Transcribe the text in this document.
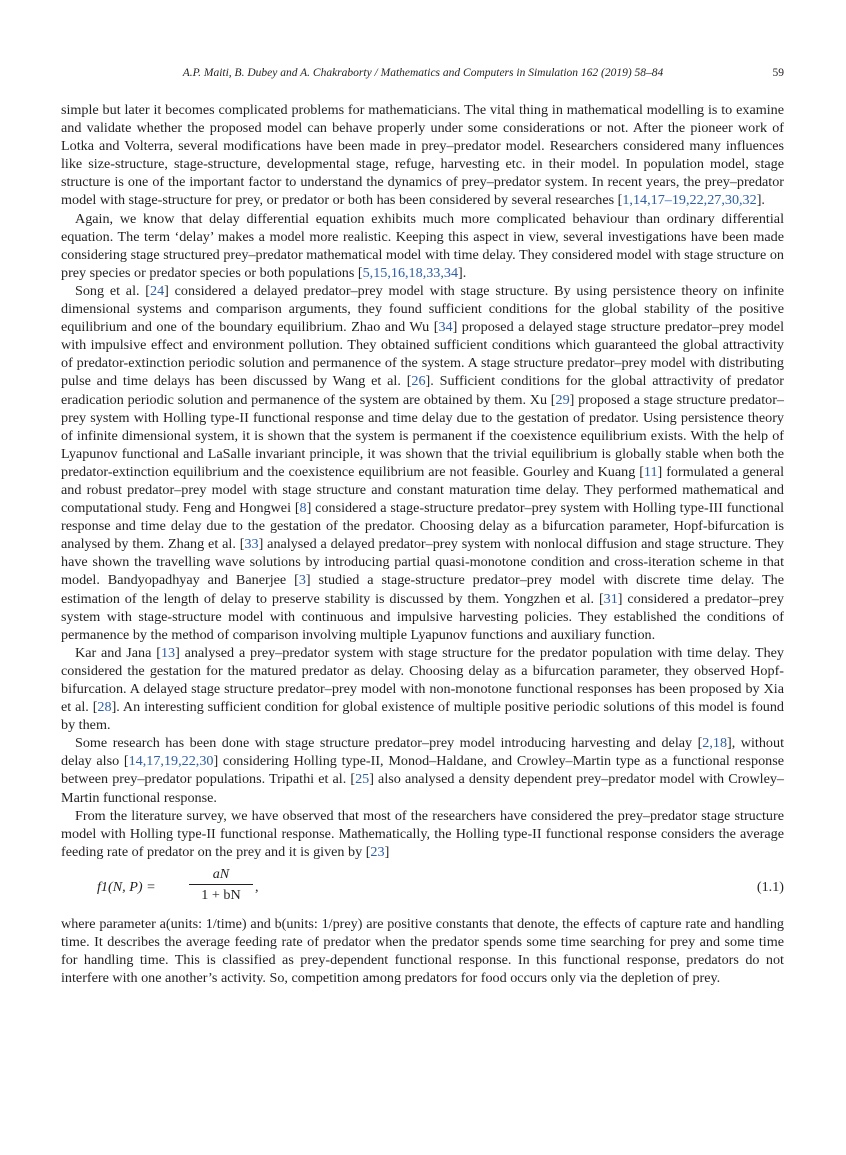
A.P. Maiti, B. Dubey and A. Chakraborty / Mathematics and Computers in Simulation 162 (2019) 58–84	59

simple but later it becomes complicated problems for mathematicians. The vital thing in mathematical modelling is to examine and validate whether the proposed model can behave properly under some considerations or not. After the pioneer work of Lotka and Volterra, several modifications have been made in prey–predator model. Researchers considered many influences like size-structure, stage-structure, developmental stage, refuge, harvesting etc. in their model. In population model, stage structure is one of the important factor to understand the dynamics of prey–predator system. In recent years, the prey–predator model with stage-structure for prey, or predator or both has been considered by several researches [1,14,17–19,22,27,30,32].

Again, we know that delay differential equation exhibits much more complicated behaviour than ordinary differential equation. The term ‘delay’ makes a model more realistic. Keeping this aspect in view, several investigations have been made considering stage structured prey–predator mathematical model with time delay. They considered model with stage structure on prey species or predator species or both populations [5,15,16,18,33,34].

Song et al. [24] considered a delayed predator–prey model with stage structure. By using persistence theory on infinite dimensional systems and comparison arguments, they found sufficient conditions for the global stability of the positive equilibrium and one of the boundary equilibrium. Zhao and Wu [34] proposed a delayed stage structure predator–prey model with impulsive effect and environment pollution. They obtained sufficient conditions which guaranteed the global attractivity of predator-extinction periodic solution and permanence of the system. A stage structure predator–prey model with distributing pulse and time delays has been discussed by Wang et al. [26]. Sufficient conditions for the global attractivity of predator eradication periodic solution and permanence of the system are obtained by them. Xu [29] proposed a stage structure predator–prey system with Holling type-II functional response and time delay due to the gestation of predator. Using persistence theory of infinite dimensional system, it is shown that the system is permanent if the coexistence equilibrium exists. With the help of Lyapunov functional and LaSalle invariant principle, it was shown that the trivial equilibrium is globally stable when both the predator-extinction equilibrium and the coexistence equilibrium are not feasible. Gourley and Kuang [11] formulated a general and robust predator–prey model with stage structure and constant maturation time delay. They performed mathematical and computational study. Feng and Hongwei [8] considered a stage-structure predator–prey system with Holling type-III functional response and time delay due to the gestation of the predator. Choosing delay as a bifurcation parameter, Hopf-bifurcation is analysed by them. Zhang et al. [33] analysed a delayed predator–prey system with nonlocal diffusion and stage structure. They have shown the travelling wave solutions by introducing partial quasi-monotone condition and cross-iteration scheme in that model. Bandyopadhyay and Banerjee [3] studied a stage-structure predator–prey model with discrete time delay. The estimation of the length of delay to preserve stability is discussed by them. Yongzhen et al. [31] considered a predator–prey system with stage-structure model with continuous and impulsive harvesting policies. They established the conditions of permanence by the method of comparison involving multiple Lyapunov functions and auxiliary function.

Kar and Jana [13] analysed a prey–predator system with stage structure for the predator population with time delay. They considered the gestation for the matured predator as delay. Choosing delay as a bifurcation parameter, they observed Hopf-bifurcation. A delayed stage structure predator–prey model with non-monotone functional responses has been proposed by Xia et al. [28]. An interesting sufficient condition for global existence of multiple positive periodic solutions of this model is found by them.

Some research has been done with stage structure predator–prey model introducing harvesting and delay [2,18], without delay also [14,17,19,22,30] considering Holling type-II, Monod–Haldane, and Crowley–Martin type as a functional response between prey–predator populations. Tripathi et al. [25] also analysed a density dependent prey–predator model with Crowley–Martin functional response.

From the literature survey, we have observed that most of the researchers have considered the prey–predator stage structure model with Holling type-II functional response. Mathematically, the Holling type-II functional response considers the average feeding rate of predator on the prey and it is given by [23]

f1(N, $P) = \frac{aN}{1 + bN}$ ,	(1.1)

where parameter a(units: 1/time) and b(units: 1/prey) are positive constants that denote, the effects of capture rate and handling time. It describes the average feeding rate of predator when the predator spends some time searching for prey and some time for handling time. This is classified as prey-dependent functional response. In this functional response, predators do not interfere with one another’s activity. So, competition among predators for food occurs only via the depletion of prey.
